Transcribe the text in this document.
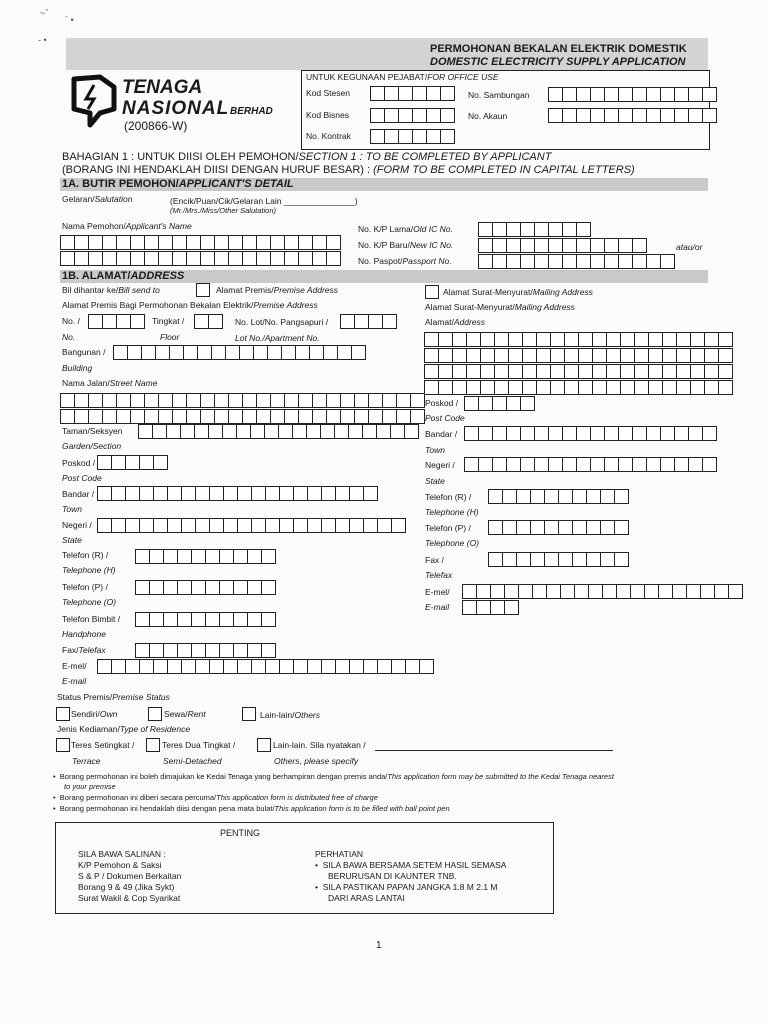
PERMOHONAN BEKALAN ELEKTRIK DOMESTIK
DOMESTIC ELECTRICITY SUPPLY APPLICATION
TENAGA
NASIONAL BERHAD
(200866-W)
UNTUK KEGUNAAN PEJABAT/FOR OFFICE USE
Kod Stesen
Kod Bisnes
No. Kontrak
No. Sambungan
No. Akaun
BAHAGIAN 1 : UNTUK DIISI OLEH PEMOHON/SECTION 1 : TO BE COMPLETED BY APPLICANT
(BORANG INI HENDAKLAH DIISI DENGAN HURUF BESAR) : (FORM TO BE COMPLETED IN CAPITAL LETTERS)
1A. BUTIR PEMOHON/APPLICANT'S DETAIL
Gelaran/Salutation	(Encik/Puan/Cik/Gelaran Lain _______________)
(Mr./Mrs./Miss/Other Salutation)
Nama Pemohon/Applicant's Name	No. K/P Lama/Old IC No.
No. K/P Baru/New IC No.	atau/or
No. Paspot/Passport No.
1B. ALAMAT/ADDRESS
Bil dihantar ke/Bill send to	Alamat Premis/Premise Address	Alamat Surat-Menyurat/Mailing Address
Alamat Premis Bagi Permohonan Bekalan Elektrik/Premise Address
No. /
No.
Tingkat /
Floor
No. Lot/No. Pangsapuri /
Lot No./Apartment No.
Bangunan /
Building
Nama Jalan/Street Name
Taman/Seksyen
Garden/Section
Poskod /
Post Code
Bandar /
Town
Negeri /
State
Telefon (R) /
Telephone (H)
Telefon (P) /
Telephone (O)
Telefon Bimbit /
Handphone
Fax/Telefax
E-mel/
E-mail
Alamat Surat-Menyurat/Mailing Address
Alamat/Address
Poskod /
Post Code
Bandar /
Town
Negeri /
State
Telefon (R) /
Telephone (H)
Telefon (P) /
Telephone (O)
Fax /
Telefax
E-mel/
E-mail
Status Premis/Premise Status
Sendiri/Own	Sewa/Rent	Lain-lain/Others
Jenis Kediaman/Type of Residence
Teres Setingkat /
Terrace
Teres Dua Tingkat /
Semi-Detached
Lain-lain. Sila nyatakan /
Others, please specify
•  Borang permohonan ini boleh dimajukan ke Kedai Tenaga yang berhampiran dengan premis anda/This application form may be submitted to the Kedai Tenaga nearest
to your premise
•  Borang permohonan ini diberi secara percuma/This application form is distributed free of charge
•  Borang permohonan ini hendaklah diisi dengan pena mata bulat/This application form is to be filled with ball point pen
PENTING
SILA BAWA SALINAN :
K/P Pemohon & Saksi
S & P / Dokumen Berkaitan
Borang 9 & 49 (Jika Sykt)
Surat Wakil & Cop Syarikat
PERHATIAN
•  SILA BAWA BERSAMA SETEM HASIL SEMASA
BERURUSAN DI KAUNTER TNB.
•  SILA PASTIKAN PAPAN JANGKA 1.8 M 2.1 M
DARI ARAS LANTAI
1
~ˇ
` •
- •
